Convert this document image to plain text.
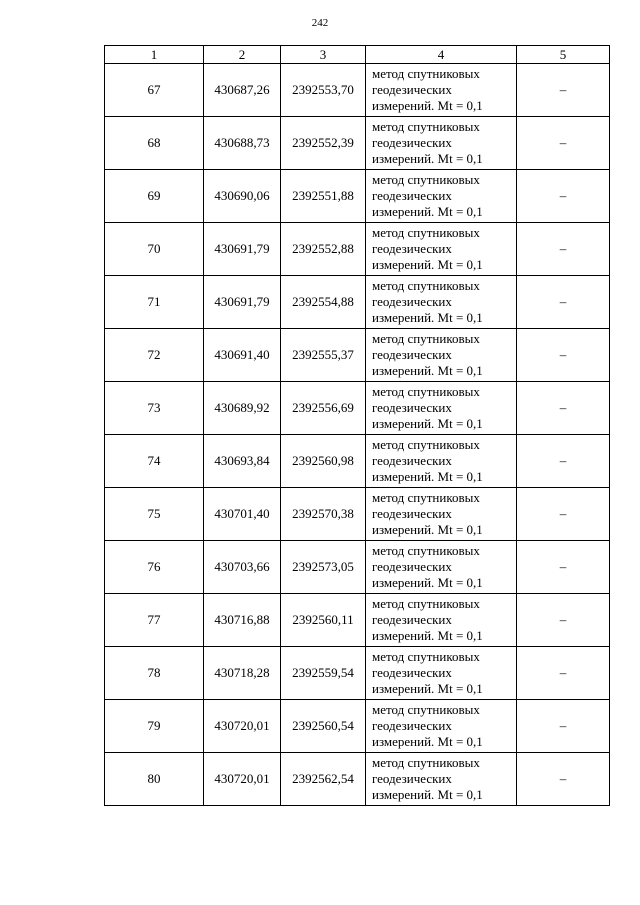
242
1	2	3	4	5
67	430687,26	2392553,70	метод спутниковых
геодезических
измерений. Mt = 0,1	–
68	430688,73	2392552,39	метод спутниковых
геодезических
измерений. Mt = 0,1	–
69	430690,06	2392551,88	метод спутниковых
геодезических
измерений. Mt = 0,1	–
70	430691,79	2392552,88	метод спутниковых
геодезических
измерений. Mt = 0,1	–
71	430691,79	2392554,88	метод спутниковых
геодезических
измерений. Mt = 0,1	–
72	430691,40	2392555,37	метод спутниковых
геодезических
измерений. Mt = 0,1	–
73	430689,92	2392556,69	метод спутниковых
геодезических
измерений. Mt = 0,1	–
74	430693,84	2392560,98	метод спутниковых
геодезических
измерений. Mt = 0,1	–
75	430701,40	2392570,38	метод спутниковых
геодезических
измерений. Mt = 0,1	–
76	430703,66	2392573,05	метод спутниковых
геодезических
измерений. Mt = 0,1	–
77	430716,88	2392560,11	метод спутниковых
геодезических
измерений. Mt = 0,1	–
78	430718,28	2392559,54	метод спутниковых
геодезических
измерений. Mt = 0,1	–
79	430720,01	2392560,54	метод спутниковых
геодезических
измерений. Mt = 0,1	–
80	430720,01	2392562,54	метод спутниковых
геодезических
измерений. Mt = 0,1	–
